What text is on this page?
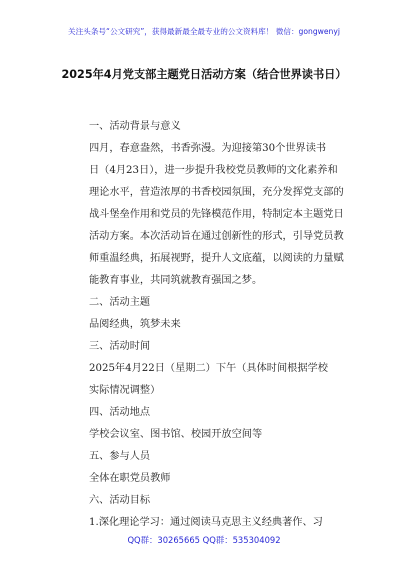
关注头条号“公文研究”，获得最新最全最专业的公文资料库！ 微信：gongwenyj
2025年4月党支部主题党日活动方案（结合世界读书日）
一、活动背景与意义
四月，春意盎然，书香弥漫。为迎接第30个世界读书
日（4月23日），进一步提升我校党员教师的文化素养和
理论水平，营造浓厚的书香校园氛围，充分发挥党支部的
战斗堡垒作用和党员的先锋模范作用，特制定本主题党日
活动方案。本次活动旨在通过创新性的形式，引导党员教
师重温经典，拓展视野，提升人文底蕴，以阅读的力量赋
能教育事业，共同筑就教育强国之梦。
二、活动主题
品阅经典，筑梦未来
三、活动时间
2025年4月22日（星期二）下午（具体时间根据学校
实际情况调整）
四、活动地点
学校会议室、图书馆、校园开放空间等
五、参与人员
全体在职党员教师
六、活动目标
1.深化理论学习：通过阅读马克思主义经典著作、习
QQ群：30265665 QQ群：535304092
